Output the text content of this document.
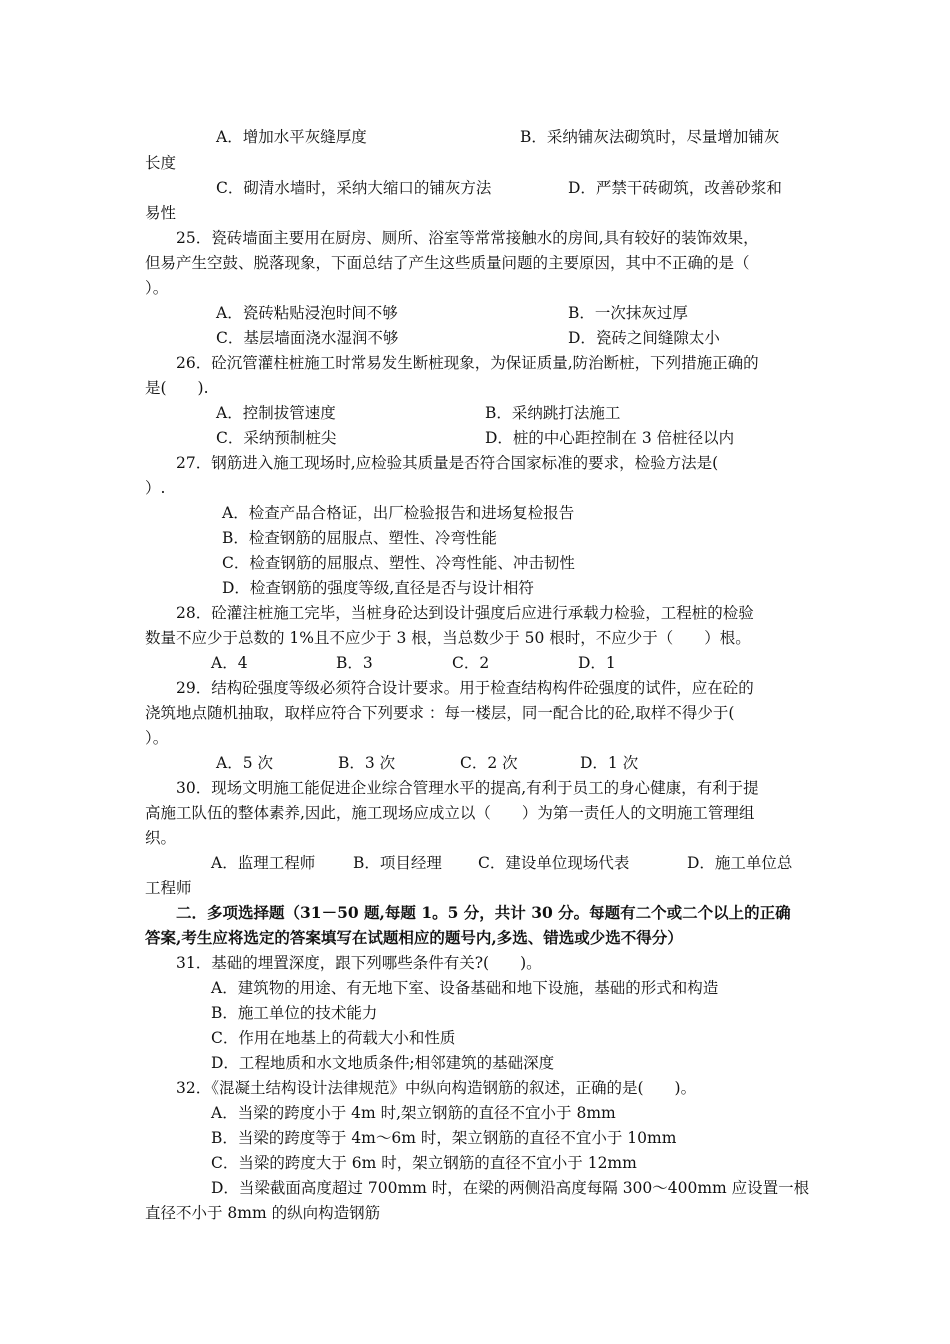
A．增加水平灰缝厚度	B．采纳铺灰法砌筑时，尽量增加铺灰
长度
C．砌清水墙时，采纳大缩口的铺灰方法	D．严禁干砖砌筑，改善砂浆和
易性
25．瓷砖墙面主要用在厨房、厕所、浴室等常常接触水的房间,具有较好的装饰效果，
但易产生空鼓、脱落现象，下面总结了产生这些质量问题的主要原因，其中不正确的是（
）。
A．瓷砖粘贴浸泡时间不够	B．一次抹灰过厚
C．基层墙面浇水湿润不够	D．瓷砖之间缝隙太小
26．砼沉管灌柱桩施工时常易发生断桩现象，为保证质量,防治断桩，下列措施正确的
是(　　).
A．控制拔管速度	B．采纳跳打法施工
C．采纳预制桩尖	D．桩的中心距控制在 3 倍桩径以内
27．钢筋进入施工现场时,应检验其质量是否符合国家标准的要求，检验方法是(
）.
A．检查产品合格证，出厂检验报告和进场复检报告
B．检查钢筋的屈服点、塑性、冷弯性能
C．检查钢筋的屈服点、塑性、冷弯性能、冲击韧性
D．检查钢筋的强度等级,直径是否与设计相符
28．砼灌注桩施工完毕，当桩身砼达到设计强度后应进行承载力检验，工程桩的检验
数量不应少于总数的 1%且不应少于 3 根，当总数少于 50 根时，不应少于（　　）根。
A．4	B．3	C．2	D．1
29．结构砼强度等级必须符合设计要求。用于检查结构构件砼强度的试件，应在砼的
浇筑地点随机抽取，取样应符合下列要求 ：每一楼层，同一配合比的砼,取样不得少于(
）。
A．5 次	B．3 次	C．2 次	D．1 次
30．现场文明施工能促进企业综合管理水平的提高,有利于员工的身心健康，有利于提
高施工队伍的整体素养,因此，施工现场应成立以（　　）为第一责任人的文明施工管理组
织。
A．监理工程师 B．项目经理 C．建设单位现场代表	D．施工单位总
工程师
二．多项选择题（31－50 题,每题 1。5 分，共计 30 分。每题有二个或二个以上的正确
答案,考生应将选定的答案填写在试题相应的题号内,多选、错选或少选不得分）
31．基础的埋置深度，跟下列哪些条件有关?(　　)。
A．建筑物的用途、有无地下室、设备基础和地下设施，基础的形式和构造
B．施工单位的技术能力
C．作用在地基上的荷载大小和性质
D．工程地质和水文地质条件;相邻建筑的基础深度
32．《混凝土结构设计法律规范》中纵向构造钢筋的叙述，正确的是(　　)。
A．当梁的跨度小于 4m 时,架立钢筋的直径不宜小于 8mm
B．当梁的跨度等于 4m～6m 时，架立钢筋的直径不宜小于 10mm
C．当梁的跨度大于 6m 时，架立钢筋的直径不宜小于 12mm
D．当梁截面高度超过 700mm 时，在梁的两侧沿高度每隔 300～400mm 应设置一根
直径不小于 8mm 的纵向构造钢筋
